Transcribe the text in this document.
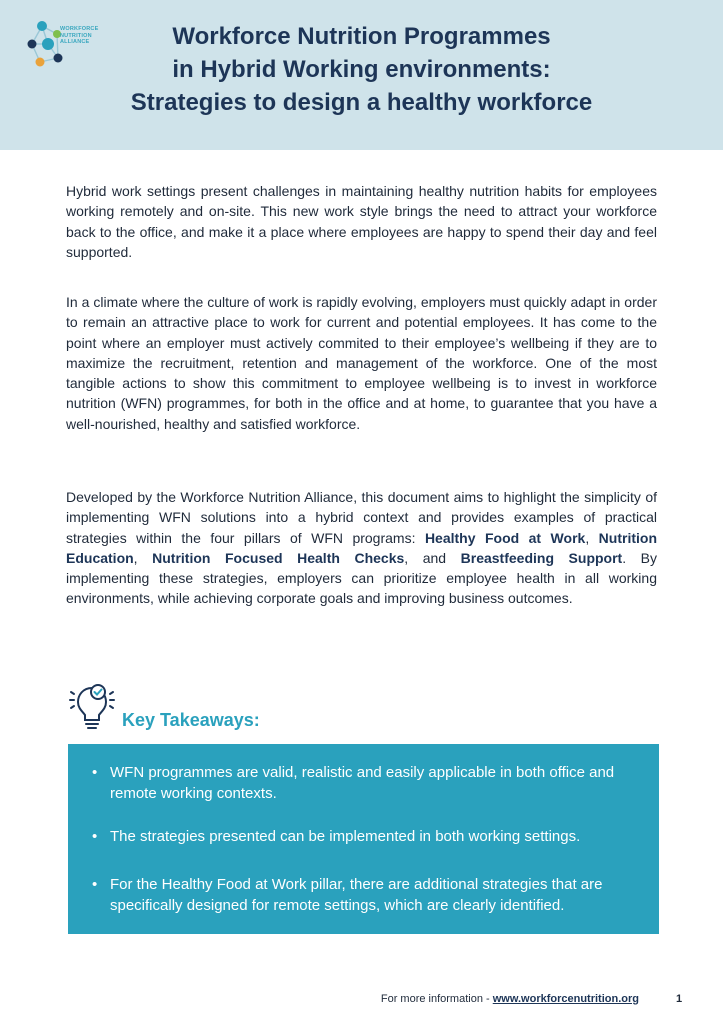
WORKFORCE
NUTRITION
ALLIANCE	Workforce Nutrition Programmes
in Hybrid Working environments:
Strategies to design a healthy workforce
Hybrid work settings present challenges in maintaining healthy nutrition habits for employees working remotely and on-site. This new work style brings the need to attract your workforce back to the office, and make it a place where employees are happy to spend their day and feel supported.
In a climate where the culture of work is rapidly evolving, employers must quickly adapt in order to remain an attractive place to work for current and potential employees. It has come to the point where an employer must actively commited to their employee’s wellbeing if they are to maximize the recruitment, retention and management of the workforce. One of the most tangible actions to show this commitment to employee wellbeing is to invest in workforce nutrition (WFN) programmes, for both in the office and at home, to guarantee that you have a well-nourished, healthy and satisfied workforce.
Developed by the Workforce Nutrition Alliance, this document aims to highlight the simplicity of implementing WFN solutions into a hybrid context and provides examples of practical strategies within the four pillars of WFN programs: Healthy Food at Work, Nutrition Education, Nutrition Focused Health Checks, and Breastfeeding Support. By implementing these strategies, employers can prioritize employee health in all working environments, while achieving corporate goals and improving business outcomes.
Key Takeaways:
• WFN programmes are valid, realistic and easily applicable in both office and remote working contexts.
• The strategies presented can be implemented in both working settings.
• For the Healthy Food at Work pillar, there are additional strategies that are specifically designed for remote settings, which are clearly identified.
For more information - www.workforcenutrition.org	1
